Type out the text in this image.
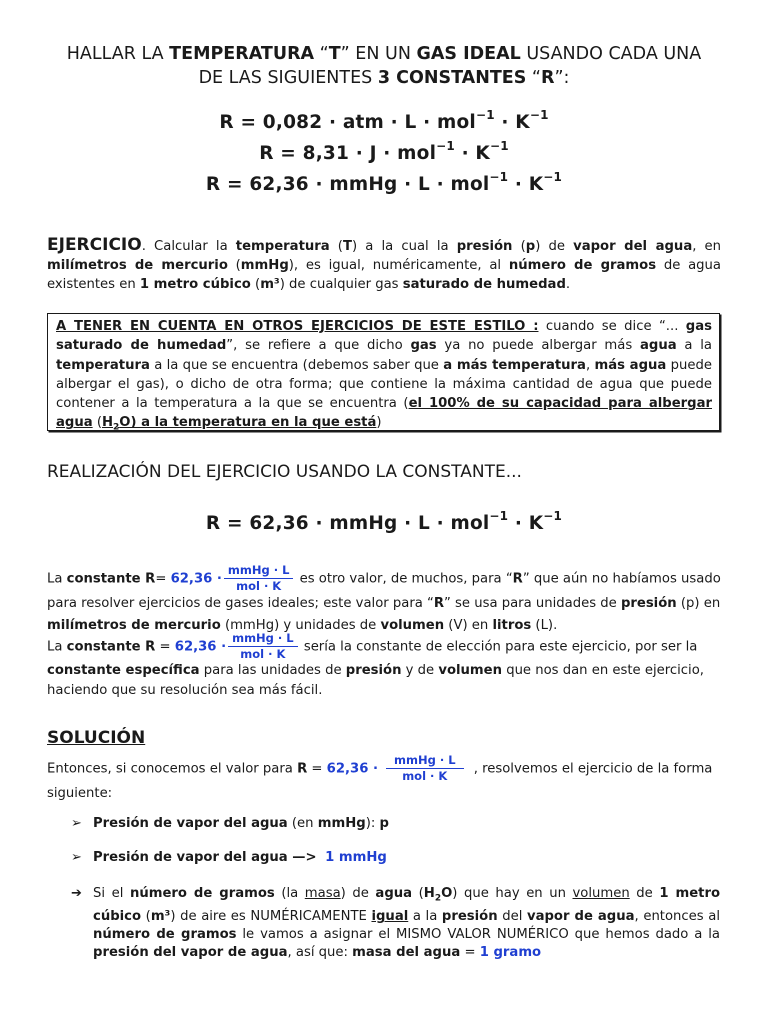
HALLAR LA TEMPERATURA “T” EN UN GAS IDEAL USANDO CADA UNA
DE LAS SIGUIENTES 3 CONSTANTES “R”:
R = 0,082 · atm · $L \cdot mol^{-1} \cdot K^{-1}$
$R = 8,31 \cdot J \cdot mol^{-1} \cdot K^{-1}$
R = 62,36 · mmHg · $L \cdot mol^{-1} \cdot K^{-1}$
EJERCICIO. Calcular la temperatura (T) a la cual la presión (p) de vapor del agua, en milímetros de mercurio (mmHg), es igual, numéricamente, al número de gramos de agua existentes en 1 metro cúbico (m³) de cualquier gas saturado de humedad.
A TENER EN CUENTA EN OTROS EJERCICIOS DE ESTE ESTILO : cuando se dice “... gas saturado de humedad”, se refiere a que dicho gas ya no puede albergar más agua a la temperatura a la que se encuentra (debemos saber que a más temperatura, más agua puede albergar el gas), o dicho de otra forma; que contiene la máxima cantidad de agua que puede contener a la temperatura a la que se encuentra (el 100% de su capacidad para albergar agua $(H_2O)$ a la temperatura en la que está)
REALIZACIÓN DEL EJERCICIO USANDO LA CONSTANTE...
R = 62,36 · mmHg · $L \cdot mol^{-1} \cdot K^{-1}$
La constante $R= 62,36 \cdot \frac{\text{mmHg · L}}{\text{mol · K}}$ es otro valor, de muchos, para “R” que aún no habíamos usado para resolver ejercicios de gases ideales; este valor para “R” se usa para unidades de presión (p) en milímetros de mercurio (mmHg) y unidades de volumen (V) en litros (L).
La constante $R = 62,36 \cdot \frac{\text{mmHg · L}}{\text{mol · K}}$ sería la constante de elección para este ejercicio, por ser la constante específica para las unidades de presión y de volumen que nos dan en este ejercicio, haciendo que su resolución sea más fácil.
SOLUCIÓN
Entonces, si conocemos el valor para $R = 62,36 \cdot \frac{\text{mmHg · L}}{\text{mol · K}}$ , resolvemos el ejercicio de la forma siguiente:
➢ Presión de vapor del agua (en mmHg): p
➢ Presión de vapor del agua —> 1 mmHg
➔ Si el número de gramos (la masa) de agua $(H_2O)$ que hay en un volumen de 1 metro cúbico (m³) de aire es NUMÉRICAMENTE igual a la presión del vapor de agua, entonces al número de gramos le vamos a asignar el MISMO VALOR NUMÉRICO que hemos dado a la presión del vapor de agua, así que: masa del agua = 1 gramo
